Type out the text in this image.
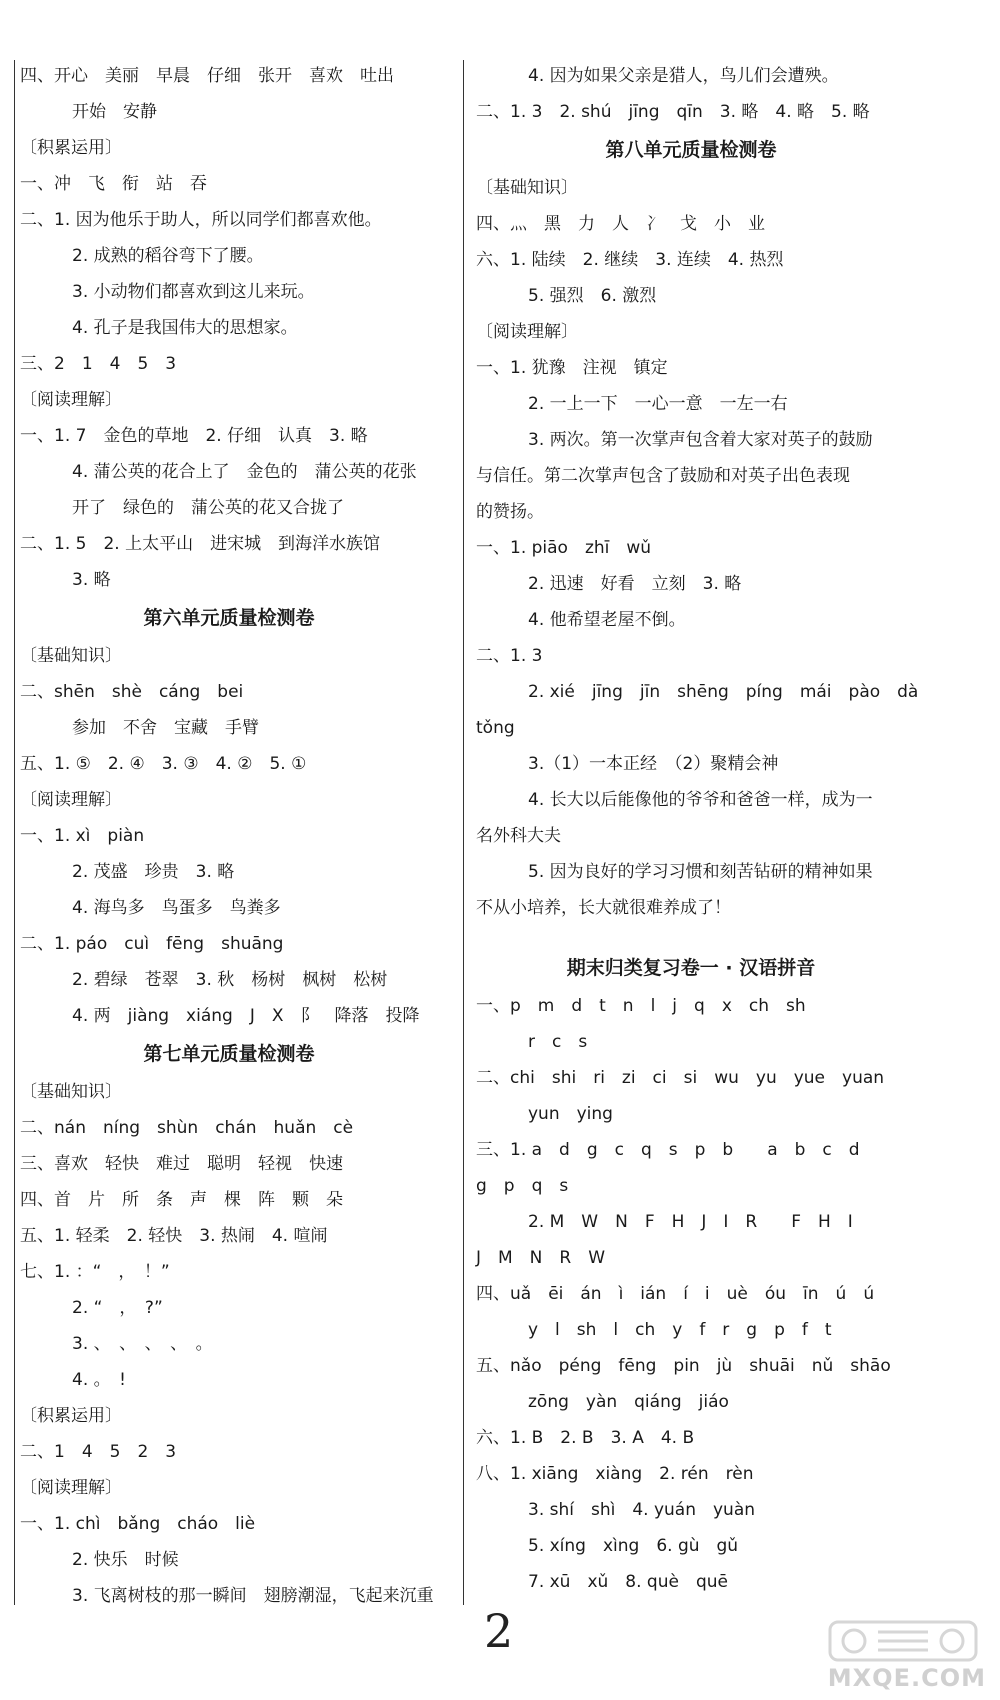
四、开心　美丽　早晨　仔细　张开　喜欢　吐出
开始　安静
〔积累运用〕
一、冲　飞　衔　站　吞
二、1. 因为他乐于助人，所以同学们都喜欢他。
2. 成熟的稻谷弯下了腰。
3. 小动物们都喜欢到这儿来玩。
4. 孔子是我国伟大的思想家。
三、2　1　4　5　3
〔阅读理解〕
一、1. 7　金色的草地　2. 仔细　认真　3. 略
4. 蒲公英的花合上了　金色的　蒲公英的花张
开了　绿色的　蒲公英的花又合拢了
二、1. 5　2. 上太平山　进宋城　到海洋水族馆
3. 略
第六单元质量检测卷
〔基础知识〕
二、shēn　shè　cáng　bei
参加　不舍　宝藏　手臂
五、1. ⑤　2. ④　3. ③　4. ②　5. ①
〔阅读理解〕
一、1. xì　piàn
2. 茂盛　珍贵　3. 略
4. 海鸟多　鸟蛋多　鸟粪多
二、1. páo　cuì　fēng　shuāng
2. 碧绿　苍翠　3. 秋　杨树　枫树　松树
4. 两　jiàng　xiáng　J　X　阝　降落　投降
第七单元质量检测卷
〔基础知识〕
二、nán　níng　shùn　chán　huǎn　cè
三、喜欢　轻快　难过　聪明　轻视　快速
四、首　片　所　条　声　棵　阵　颗　朵
五、1. 轻柔　2. 轻快　3. 热闹　4. 喧闹
七、1. ：“　，　！”
2. “　，　?”
3. 、　、　、　、　。
4. 。　!
〔积累运用〕
二、1　4　5　2　3
〔阅读理解〕
一、1. chì　bǎng　cháo　liè
2. 快乐　时候
3. 飞离树枝的那一瞬间　翅膀潮湿，飞起来沉重
4. 因为如果父亲是猎人，鸟儿们会遭殃。
二、1. 3　2. shú　jīng　qīn　3. 略　4. 略　5. 略
第八单元质量检测卷
〔基础知识〕
四、灬　黑　力　人　冫　戈　小　业
六、1. 陆续　2. 继续　3. 连续　4. 热烈
5. 强烈　6. 激烈
〔阅读理解〕
一、1. 犹豫　注视　镇定
2. 一上一下　一心一意　一左一右
3. 两次。第一次掌声包含着大家对英子的鼓励
与信任。第二次掌声包含了鼓励和对英子出色表现
的赞扬。
一、1. piāo　zhī　wǔ
2. 迅速　好看　立刻　3. 略
4. 他希望老屋不倒。
二、1. 3
2. xié　jīng　jīn　shēng　píng　mái　pào　dà
tǒng
3.（1）一本正经　（2）聚精会神
4. 长大以后能像他的爷爷和爸爸一样，成为一
名外科大夫
5. 因为良好的学习习惯和刻苦钻研的精神如果
不从小培养，长大就很难养成了！
期末归类复习卷一 · 汉语拼音
一、p　m　d　t　n　l　j　q　x　ch　sh
r　c　s
二、chi　shi　ri　zi　ci　si　wu　yu　yue　yuan
yun　ying
三、1. a　d　g　c　q　s　p　b　　a　b　c　d
g　p　q　s
2. M　W　N　F　H　J　I　R　　F　H　I
J　M　N　R　W
四、uǎ　ēi　án　ì　ián　í　i　uè　óu　īn　ú　ú
y　l　sh　l　ch　y　f　r　g　p　f　t
五、nǎo　péng　fēng　pin　jù　shuāi　nǔ　shāo
zōng　yàn　qiáng　jiáo
六、1. B　2. B　3. A　4. B
八、1. xiāng　xiàng　2. rén　rèn
3. shí　shì　4. yuán　yuàn
5. xíng　xìng　6. gù　gǔ
7. xū　xǔ　8. què　quē
2
MXQE.COM
